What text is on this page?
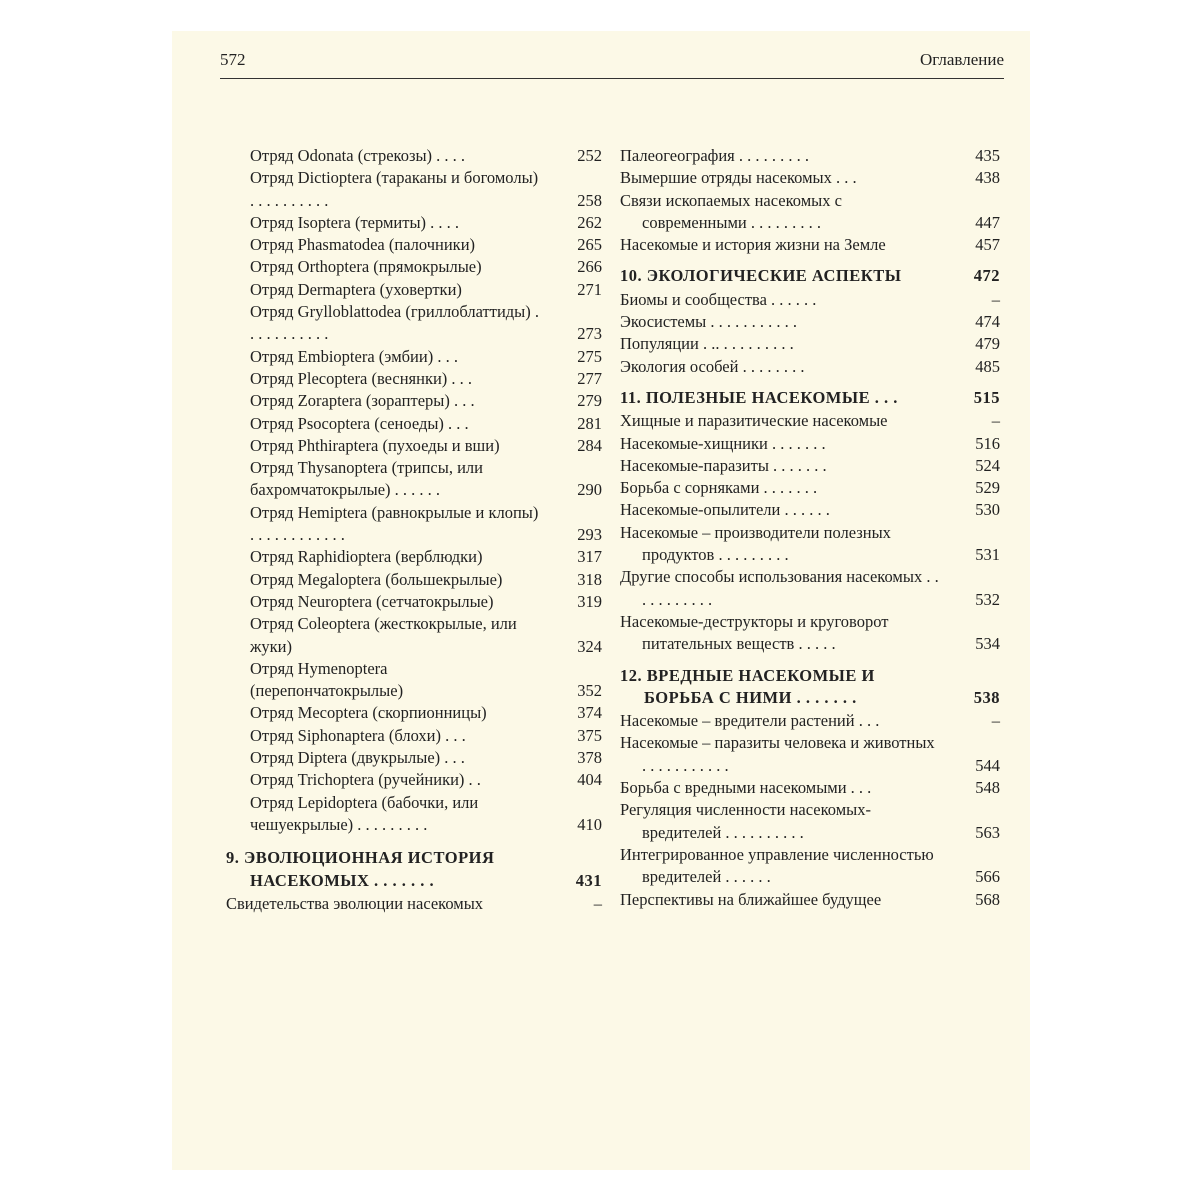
572	Оглавление
Отряд Odonata (стрекозы) . . . .	252
Отряд Dictioptera (тараканы и богомолы) . . . . . . . . . .	258
Отряд Isoptera (термиты) . . . .	262
Отряд Phasmatodea (палочники)	265
Отряд Orthoptera (прямокрылые)	266
Отряд Dermaptera (уховертки)	271
Отряд Grylloblattodea (гриллоблаттиды) . . . . . . . . . . .	273
Отряд Embioptera (эмбии) . . .	275
Отряд Plecoptera (веснянки) . . .	277
Отряд Zoraptera (зорaптеры) . . .	279
Отряд Psocoptera (сеноеды) . . .	281
Отряд Phthiraptera (пухоеды и вши)	284
Отряд Thysanoptera (трипсы, или бахромчатокрылые) . . . . . .	290
Отряд Hemiptera (равнокрылые и клопы) . . . . . . . . . . . .	293
Отряд Raphidioptera (верблюдки)	317
Отряд Megaloptera (большекрылые)	318
Отряд Neuroptera (сетчатокрылые)	319
Отряд Coleoptera (жесткокрылые, или жуки)	324
Отряд Hymenoptera (перепончатокрылые)	352
Отряд Mecoptera (скорпионницы)	374
Отряд Siphonaptera (блохи) . . .	375
Отряд Diptera (двукрылые) . . .	378
Отряд Trichoptera (ручейники) . .	404
Отряд Lepidoptera (бабочки, или чешуекрылые) . . . . . . . . .	410
9. ЭВОЛЮЦИОННАЯ ИСТОРИЯ НАСЕКОМЫХ . . . . . . .	431
Свидетельства эволюции насекомых	–
Палеогеография . . . . . . . . .	435
Вымершие отряды насекомых . . .	438
Связи ископаемых насекомых с современными . . . . . . . . .	447
Насекомые и история жизни на Земле	457
10. ЭКОЛОГИЧЕСКИЕ АСПЕКТЫ	472
Биомы и сообщества . . . . . .	–
Экосистемы . . . . . . . . . . .	474
Популяции . .. . . . . . . . . .	479
Экология особей . . . . . . . .	485
11. ПОЛЕЗНЫЕ НАСЕКОМЫЕ . . .	515
Хищные и паразитические насекомые	–
Насекомые-хищники . . . . . . .	516
Насекомые-паразиты . . . . . . .	524
Борьба с сорняками . . . . . . .	529
Насекомые-опылители . . . . . .	530
Насекомые – производители полезных продуктов . . . . . . . . .	531
Другие способы использования насекомых . . . . . . . . . . .	532
Насекомые-деструкторы и круговорот питательных веществ . . . . .	534
12. ВРЕДНЫЕ НАСЕКОМЫЕ И БОРЬБА С НИМИ . . . . . . .	538
Насекомые – вредители растений . . .	–
Насекомые – паразиты человека и животных . . . . . . . . . . .	544
Борьба с вредными насекомыми . . .	548
Регуляция численности насекомых-вредителей . . . . . . . . . .	563
Интегрированное управление численностью вредителей . . . . . .	566
Перспективы на ближайшее будущее	568
